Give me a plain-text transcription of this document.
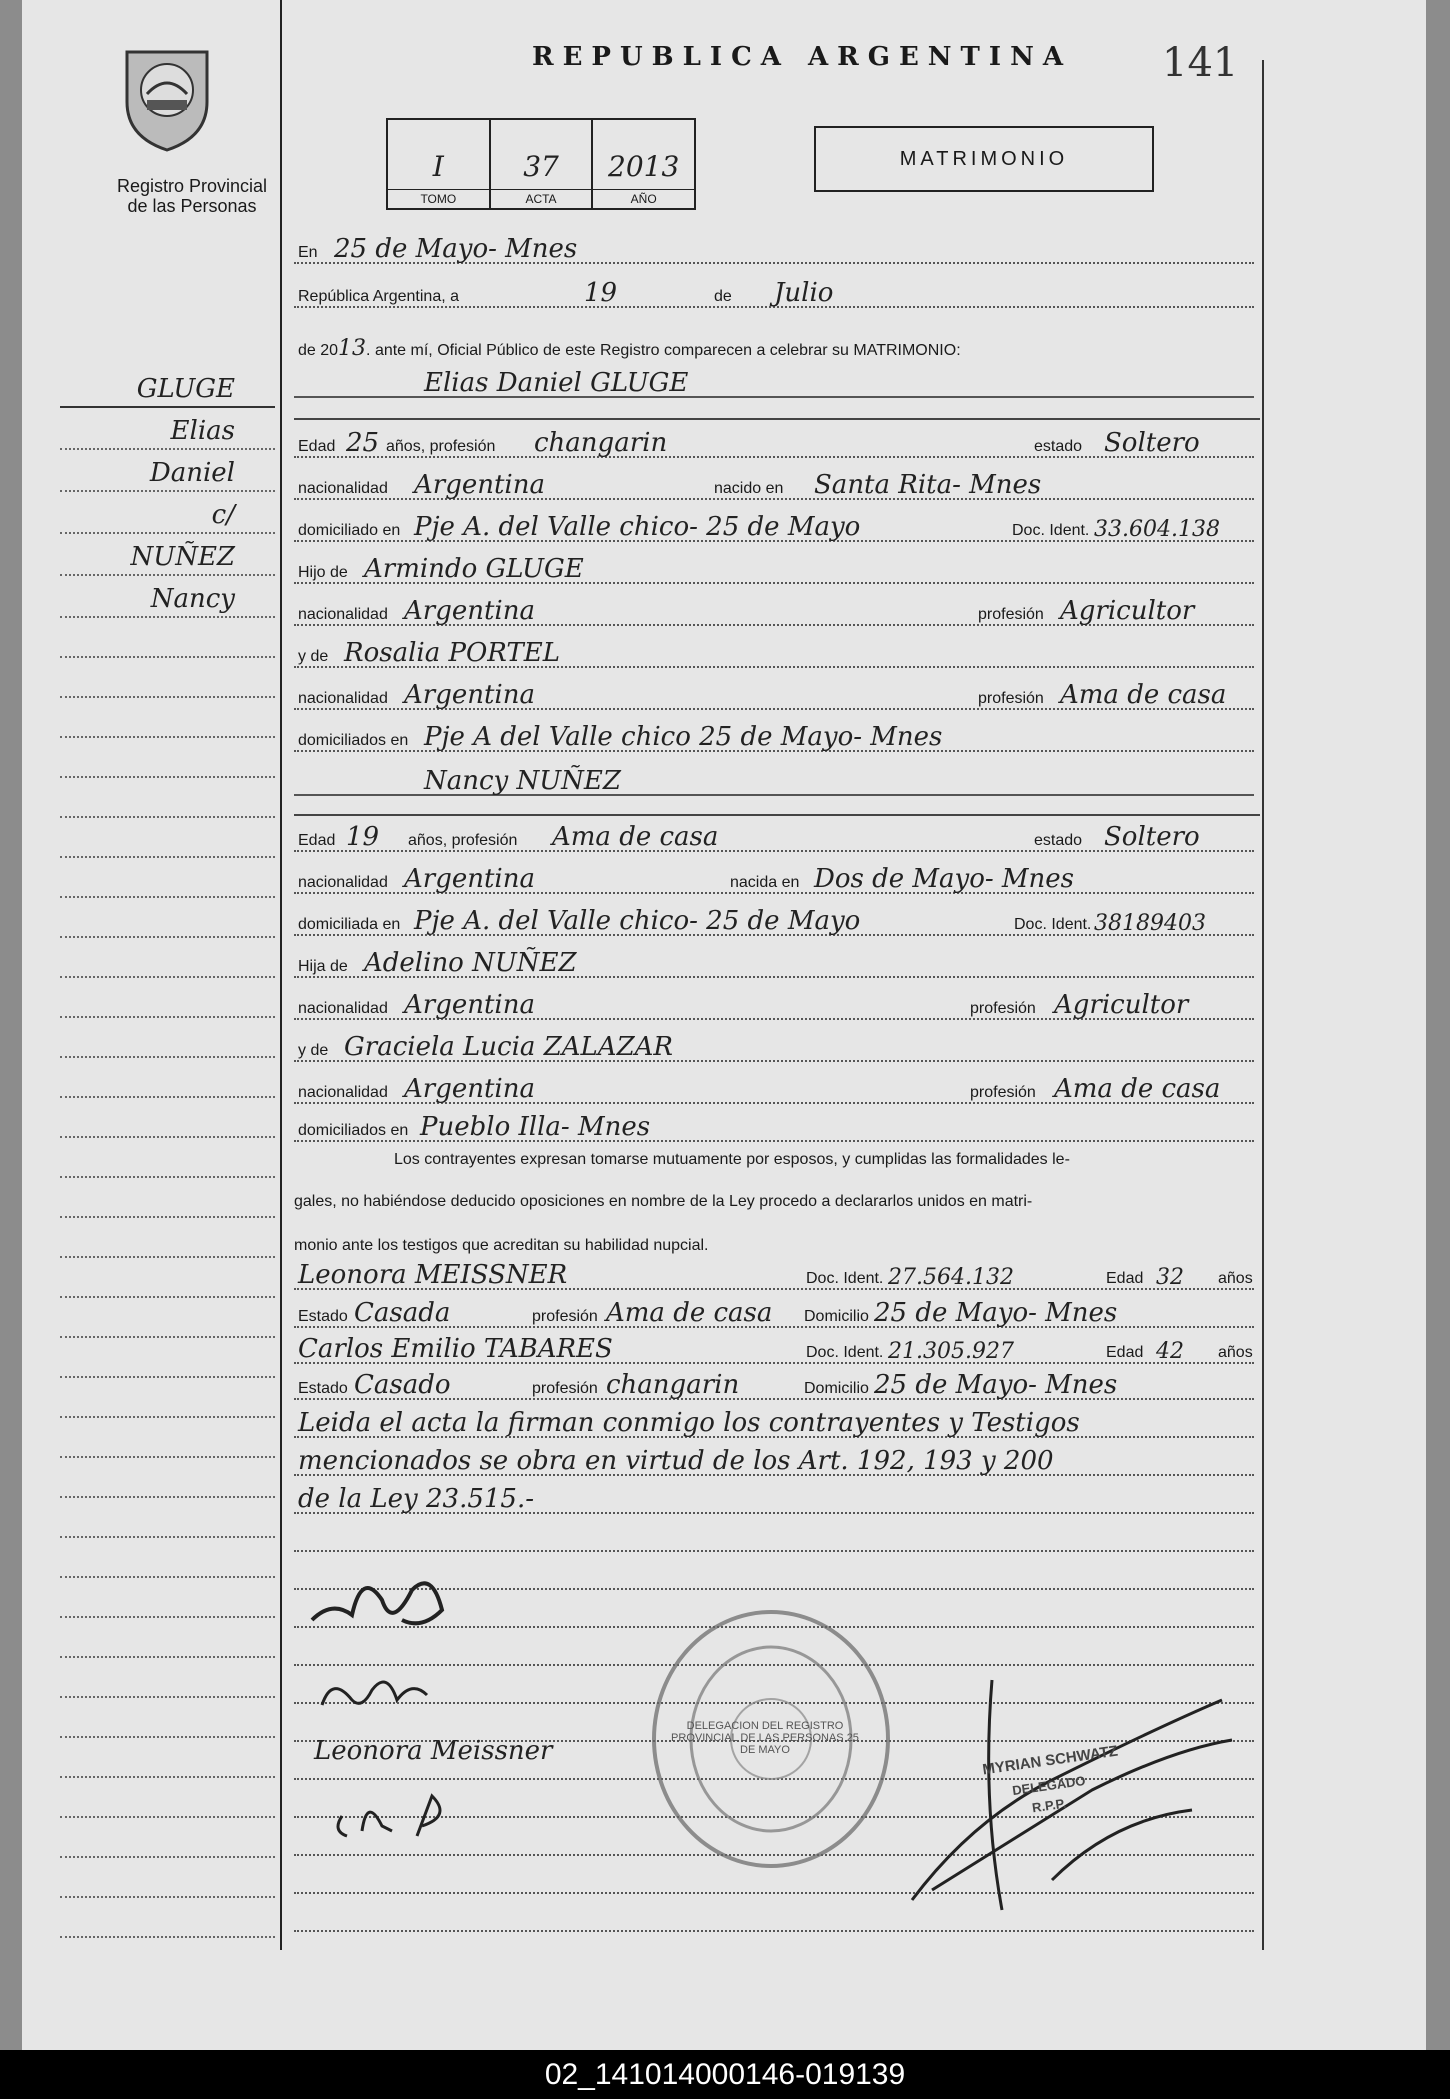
Registro Provincial
de las Personas
REPUBLICA ARGENTINA 141
I
TOMO
37
ACTA
2013
AÑO
MATRIMONIO
En 25 de Mayo- Mnes
República Argentina, a	19	de Julio
de 2013. ante mí, Oficial Público de este Registro comparecen a celebrar su MATRIMONIO:
Elias Daniel GLUGE
Edad 25 años, profesión changarin	estado Soltero
nacionalidad Argentina	nacido en Santa Rita- Mnes
domiciliado en Pje A. del Valle chico- 25 de Mayo	Doc. Ident. 33.604.138
Hijo de Armindo GLUGE
nacionalidad Argentina	profesión Agricultor
y de Rosalia PORTEL
nacionalidad Argentina	profesión Ama de casa
domiciliados en Pje A del Valle chico 25 de Mayo- Mnes
Nancy NUÑEZ
Edad 19 años, profesión Ama de casa	estado Soltero
nacionalidad Argentina	nacida en Dos de Mayo- Mnes
domiciliada en Pje A. del Valle chico- 25 de Mayo	Doc. Ident. 38189403
Hija de Adelino NUÑEZ
nacionalidad Argentina	profesión Agricultor
y de Graciela Lucia ZALAZAR
nacionalidad Argentina	profesión Ama de casa
domiciliados en Pueblo Illa- Mnes
Los contrayentes expresan tomarse mutuamente por esposos, y cumplidas las formalidades le-
gales, no habiéndose deducido oposiciones en nombre de la Ley procedo a declararlos unidos en matri-
monio ante los testigos que acreditan su habilidad nupcial.
Leonora MEISSNER	Doc. Ident. 27.564.132	Edad 32 años
Estado Casada	profesión Ama de casa Domicilio 25 de Mayo- Mnes
Carlos Emilio TABARES	Doc. Ident. 21.305.927	Edad 42 años
Estado Casado	profesión changarin	Domicilio 25 de Mayo- Mnes
Leida el acta la firman conmigo los contrayentes y Testigos
mencionados se obra en virtud de los Art. 192, 193 y 200
de la Ley 23.515.-
GLUGE
Elias
Daniel
c/
NUÑEZ
Nancy
Leonora Meissner
DELEGACION DEL REGISTRO PROVINCIAL DE LAS PERSONAS 25 DE MAYO	MYRIAN SCHWATZ
DELEGADO
R.P.P.
02_141014000146-019139
